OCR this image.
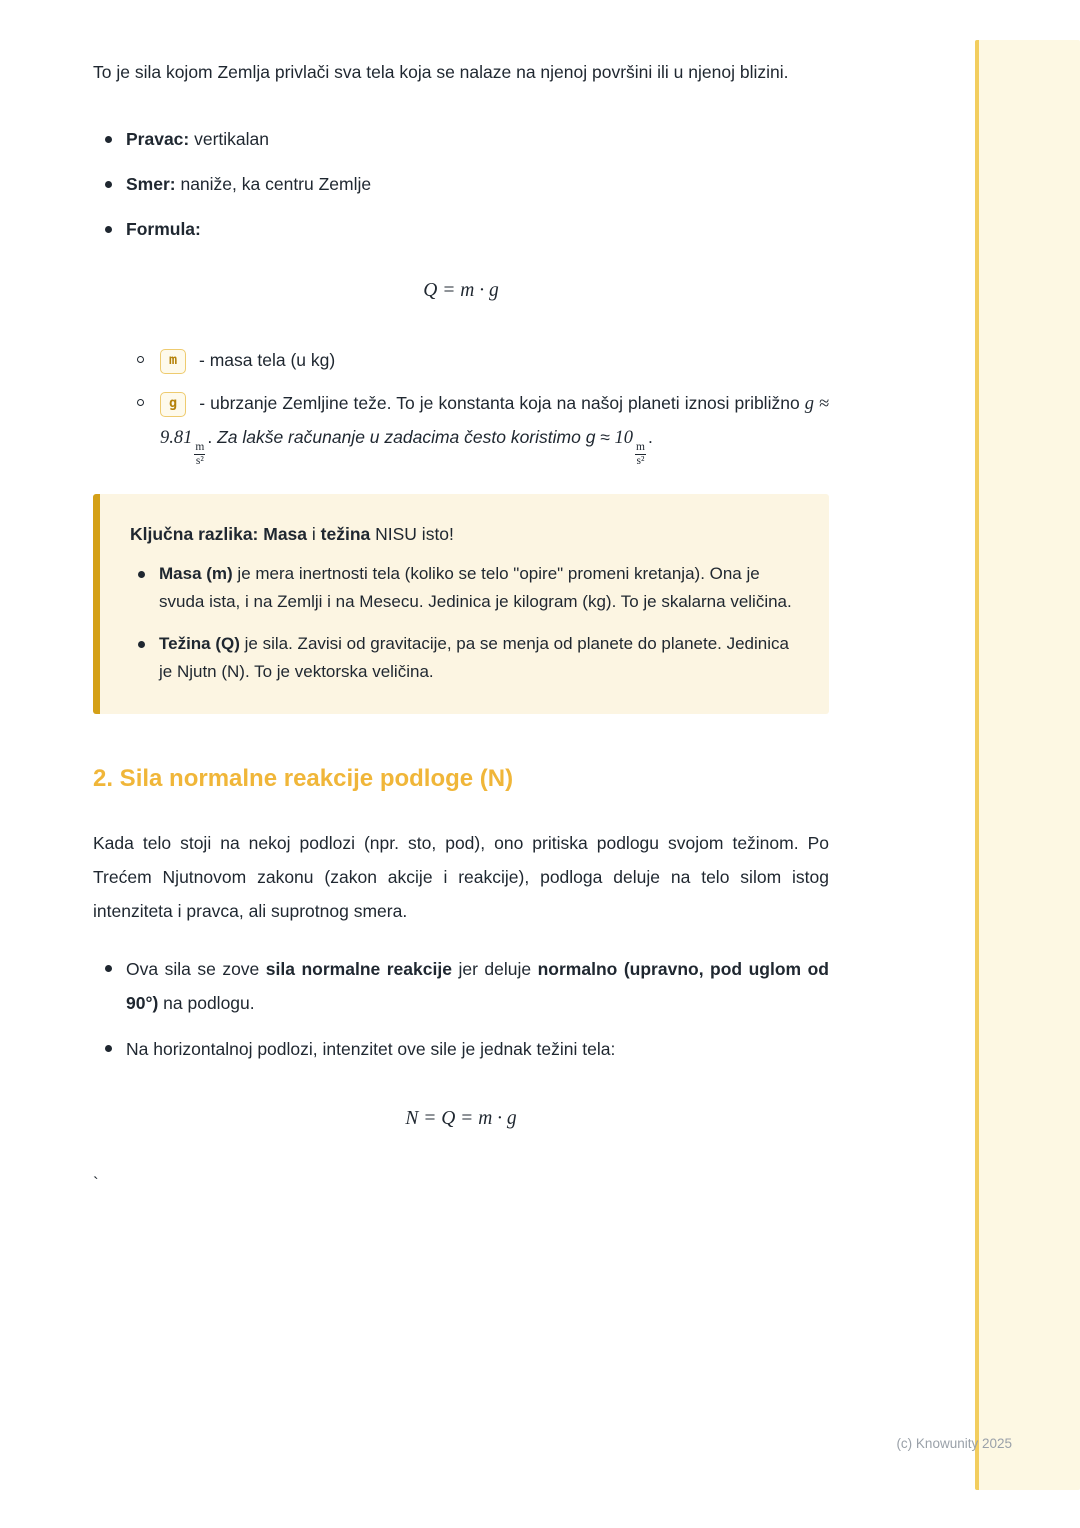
To je sila kojom Zemlja privlači sva tela koja se nalaze na njenoj površini ili u njenoj blizini.

Pravac: vertikalan
Smer: naniže, ka centru Zemlje
Formula:
Q = m · g
m - masa tela (u kg)
g - ubrzanje Zemljine teže. To je konstanta koja na našoj planeti iznosi približno g ≈ 9.81
$\frac{m}{\text{s²}}$
. Za lakše računanje u zadacima često koristimo g ≈ 10
$\frac{m}{\text{s²}}$
.

Ključna razlika: Masa i težina NISU isto!

Masa (m) je mera inertnosti tela (koliko se telo "opire" promeni kretanja). Ona je svuda ista, i na Zemlji i na Mesecu. Jedinica je kilogram (kg). To je skalarna veličina.
Težina (Q) je sila. Zavisi od gravitacije, pa se menja od planete do planete. Jedinica je Njutn (N). To je vektorska veličina.
2. Sila normalne reakcije podloge (N)

Kada telo stoji na nekoj podlozi (npr. sto, pod), ono pritiska podlogu svojom težinom. Po Trećem Njutnovom zakonu (zakon akcije i reakcije), podloga deluje na telo silom istog intenziteta i pravca, ali suprotnog smera.

Ova sila se zove sila normalne reakcije jer deluje normalno (upravno, pod uglom od 90°) na podlogu.
Na horizontalnoj podlozi, intenzitet ove sile je jednak težini tela:
N = Q = m · g
`
(c) Knowunity 2025
